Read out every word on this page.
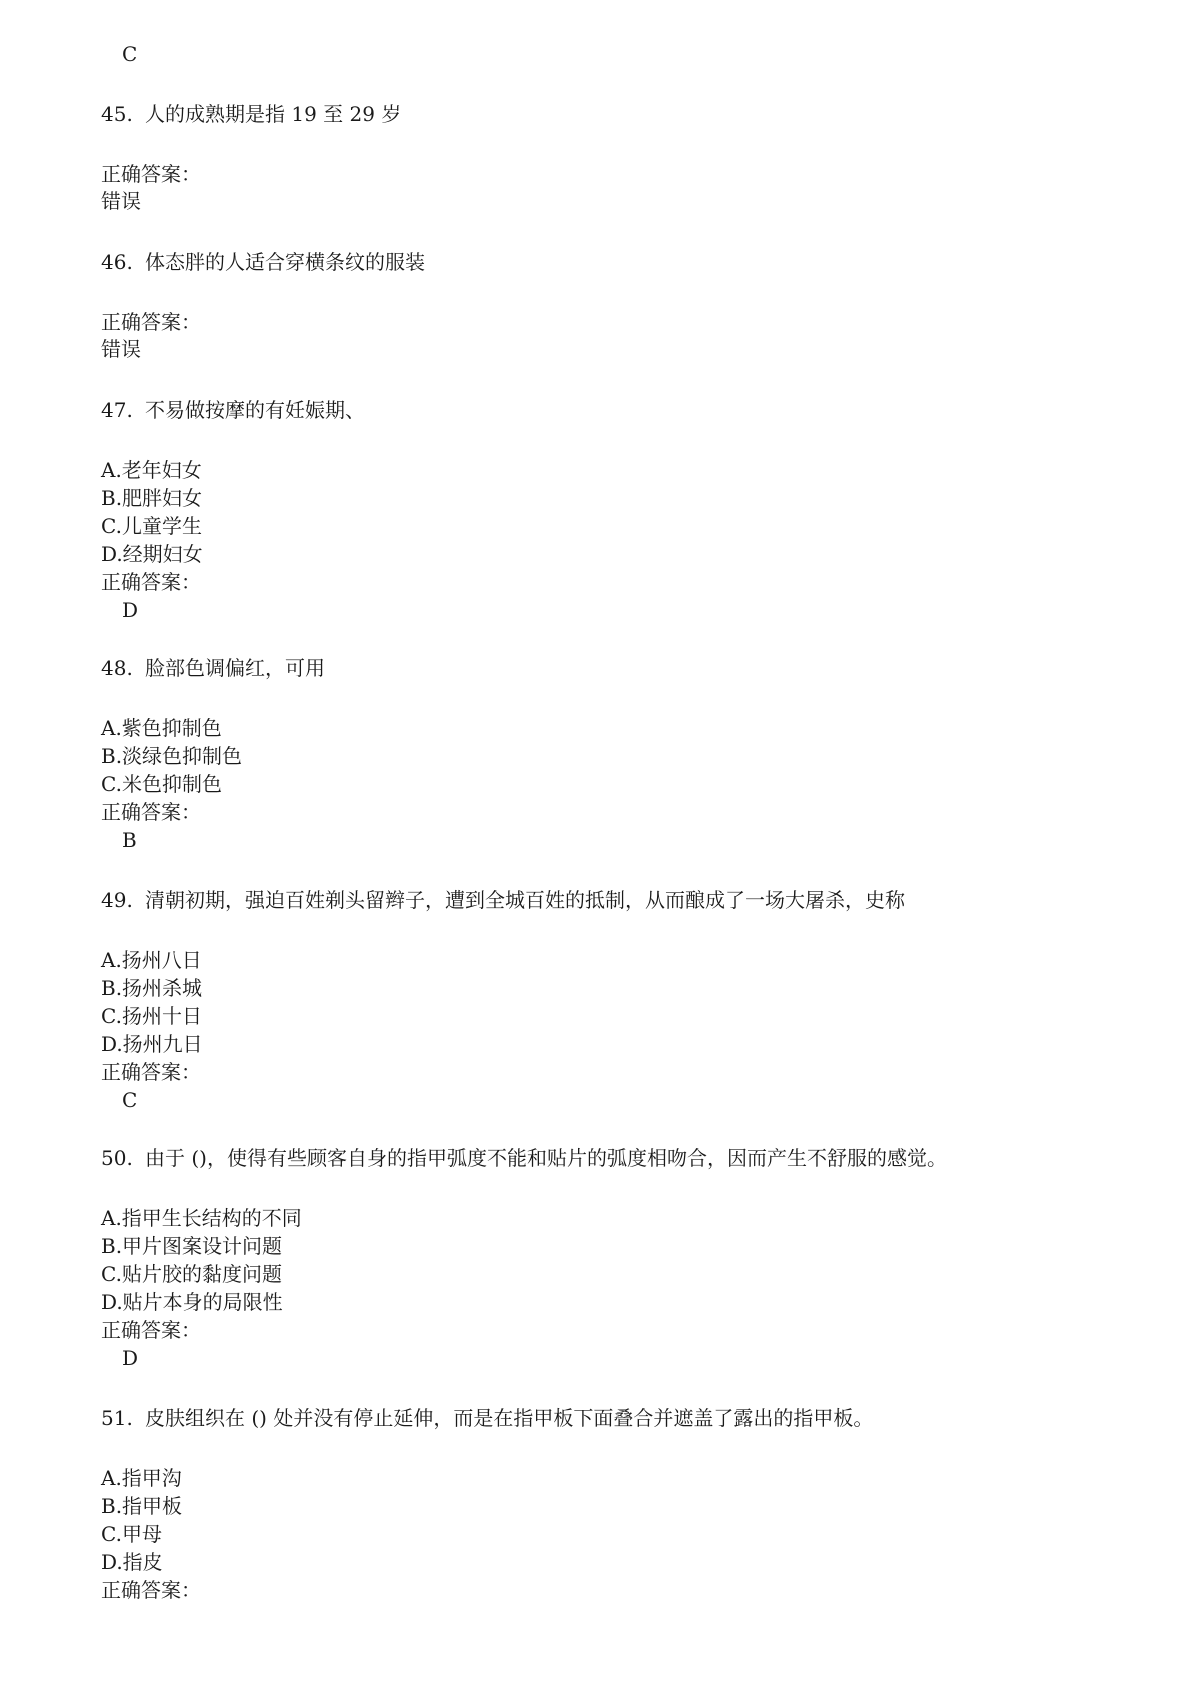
C
45. 人的成熟期是指 19 至 29 岁
正确答案：
错误
46. 体态胖的人适合穿横条纹的服装
正确答案：
错误
47. 不易做按摩的有妊娠期、
A.老年妇女
B.肥胖妇女
C.儿童学生
D.经期妇女
正确答案：
D
48. 脸部色调偏红，可用
A.紫色抑制色
B.淡绿色抑制色
C.米色抑制色
正确答案：
B
49. 清朝初期，强迫百姓剃头留辫子，遭到全城百姓的抵制，从而酿成了一场大屠杀，史称
A.扬州八日
B.扬州杀城
C.扬州十日
D.扬州九日
正确答案：
C
50. 由于 ()，使得有些顾客自身的指甲弧度不能和贴片的弧度相吻合，因而产生不舒服的感觉。
A.指甲生长结构的不同
B.甲片图案设计问题
C.贴片胶的黏度问题
D.贴片本身的局限性
正确答案：
D
51. 皮肤组织在 () 处并没有停止延伸，而是在指甲板下面叠合并遮盖了露出的指甲板。
A.指甲沟
B.指甲板
C.甲母
D.指皮
正确答案：
